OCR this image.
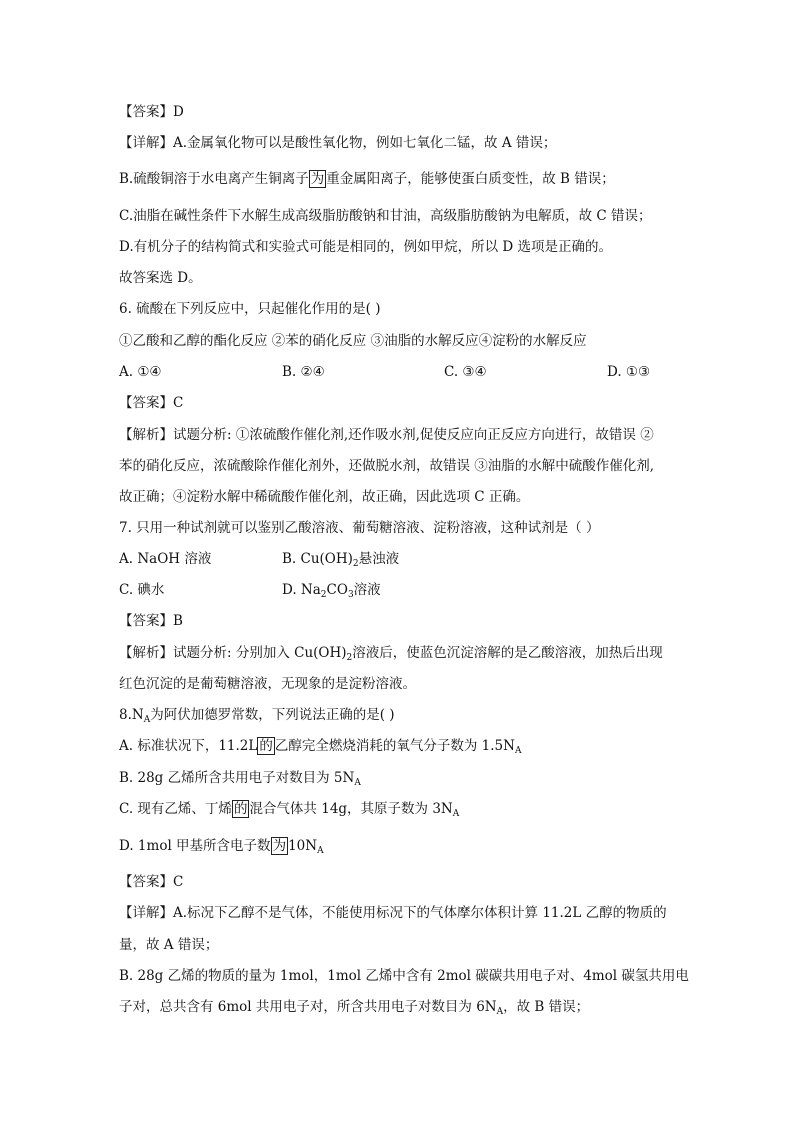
【答案】D
【详解】A.金属氧化物可以是酸性氧化物，例如七氧化二锰，故 A 错误；
B.硫酸铜溶于水电离产生铜离子 为 重金属阳离子，能够使蛋白质变性，故 B 错误；
C.油脂在碱性条件下水解生成高级脂肪酸钠和甘油，高级脂肪酸钠为电解质，故 C 错误；
D.有机分子的结构简式和实验式可能是相同的，例如甲烷，所以 D 选项是正确的。
故答案选 D。
6. 硫酸在下列反应中，只起催化作用的是( )
①乙酸和乙醇的酯化反应 ②苯的硝化反应 ③油脂的水解反应④淀粉的水解反应
A. ①④	B. ②④	C. ③④	D. ①③
【答案】C
【解析】试题分析: ①浓硫酸作催化剂,还作吸水剂,促使反应向正反应方向进行，故错误 ②
苯的硝化反应，浓硫酸除作催化剂外，还做脱水剂，故错误 ③油脂的水解中硫酸作催化剂,
故正确；④淀粉水解中稀硫酸作催化剂，故正确，因此选项 C 正确。
7. 只用一种试剂就可以鉴别乙酸溶液、葡萄糖溶液、淀粉溶液，这种试剂是（ ）
A. NaOH 溶液	B. $Cu(OH)_2$悬浊液
C. 碘水	D. $Na_2CO_3$溶液
【答案】B
【解析】试题分析: 分别加入 $Cu(OH)_2$溶液后，使蓝色沉淀溶解的是乙酸溶液，加热后出现
红色沉淀的是葡萄糖溶液，无现象的是淀粉溶液。
$8.N_A$为阿伏加德罗常数，下列说法正确的是( )
A. 标准状况下，11.2L 的 乙醇完全燃烧消耗的氧气分子数为 $1.5N_A$
B. 28g 乙烯所含共用电子对数目为 $5N_A$
C. 现有乙烯、丁烯 的 混合气体共 14g，其原子数为 $3N_A$
D. 1mol 甲基所含电子数 为 $10N_A$
【答案】C
【详解】A.标况下乙醇不是气体，不能使用标况下的气体摩尔体积计算 11.2L 乙醇的物质的
量，故 A 错误；
B. 28g 乙烯的物质的量为 1mol，1mol 乙烯中含有 2mol 碳碳共用电子对、4mol 碳氢共用电
子对，总共含有 6mol 共用电子对，所含共用电子对数目为 $6N_A$，故 B 错误；
